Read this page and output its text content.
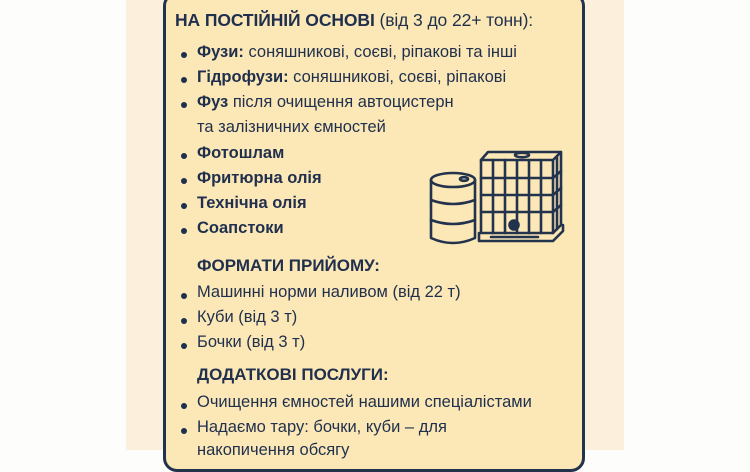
НА ПОСТІЙНІЙ ОСНОВІ (від 3 до 22+ тонн):
Фузи: соняшникові, соєві, ріпакові та інші
Гідрофузи: соняшникові, соєві, ріпакові
Фуз після очищення автоцистерн
та залізничних ємностей
Фотошлам
Фритюрна олія
Технічна олія
Соапстоки
ФОРМАТИ ПРИЙОМУ:
Машинні норми наливом (від 22 т)
Куби (від 3 т)
Бочки (від 3 т)
ДОДАТКОВІ ПОСЛУГИ:
Очищення ємностей нашими спеціалістами
Надаємо тару: бочки, куби – для
накопичення обсягу
